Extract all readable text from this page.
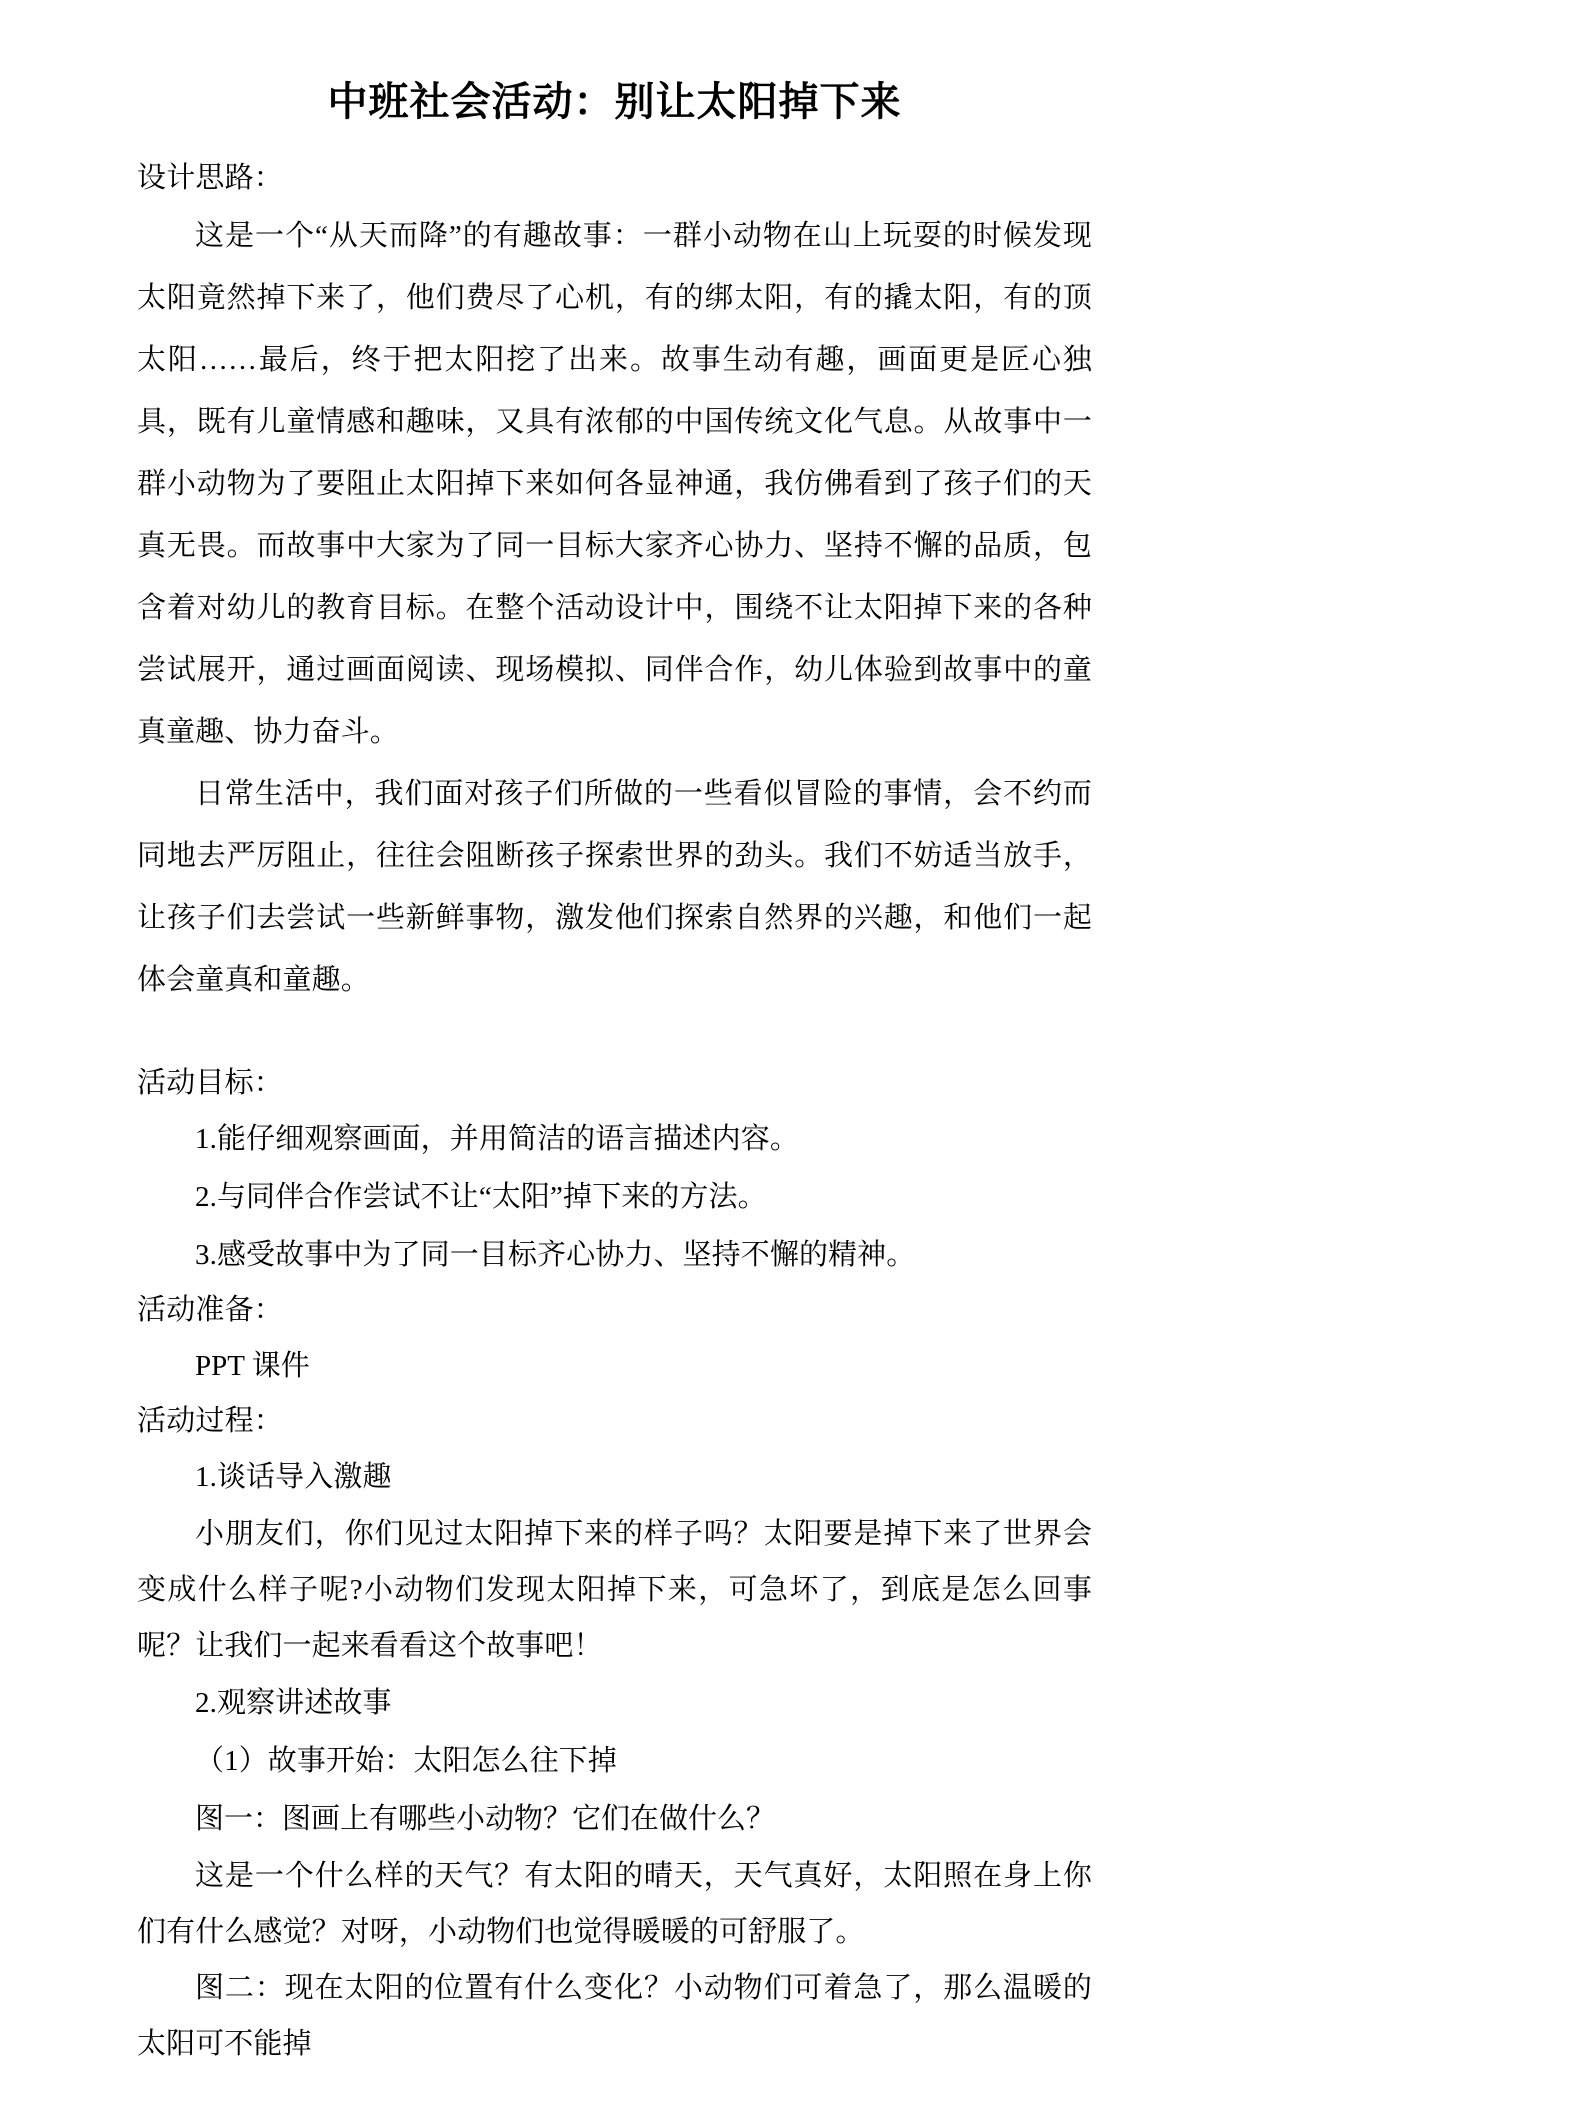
中班社会活动：别让太阳掉下来
设计思路：
这是一个“从天而降”的有趣故事：一群小动物在山上玩耍的时候发现太阳竟然掉下来了，他们费尽了心机，有的绑太阳，有的撬太阳，有的顶太阳……最后，终于把太阳挖了出来。故事生动有趣，画面更是匠心独具，既有儿童情感和趣味，又具有浓郁的中国传统文化气息。从故事中一群小动物为了要阻止太阳掉下来如何各显神通，我仿佛看到了孩子们的天真无畏。而故事中大家为了同一目标大家齐心协力、坚持不懈的品质，包含着对幼儿的教育目标。在整个活动设计中，围绕不让太阳掉下来的各种尝试展开，通过画面阅读、现场模拟、同伴合作，幼儿体验到故事中的童真童趣、协力奋斗。
日常生活中，我们面对孩子们所做的一些看似冒险的事情，会不约而同地去严厉阻止，往往会阻断孩子探索世界的劲头。我们不妨适当放手，让孩子们去尝试一些新鲜事物，激发他们探索自然界的兴趣，和他们一起体会童真和童趣。
活动目标：
1.能仔细观察画面，并用简洁的语言描述内容。
2.与同伴合作尝试不让“太阳”掉下来的方法。
3.感受故事中为了同一目标齐心协力、坚持不懈的精神。
活动准备：
PPT 课件
活动过程：
1.谈话导入激趣
小朋友们，你们见过太阳掉下来的样子吗？太阳要是掉下来了世界会变成什么样子呢?小动物们发现太阳掉下来，可急坏了，到底是怎么回事呢？让我们一起来看看这个故事吧！
2.观察讲述故事
（1）故事开始：太阳怎么往下掉
图一：图画上有哪些小动物？它们在做什么？
这是一个什么样的天气？有太阳的晴天，天气真好，太阳照在身上你们有什么感觉？对呀，小动物们也觉得暖暖的可舒服了。
图二：现在太阳的位置有什么变化？小动物们可着急了，那么温暖的太阳可不能掉
